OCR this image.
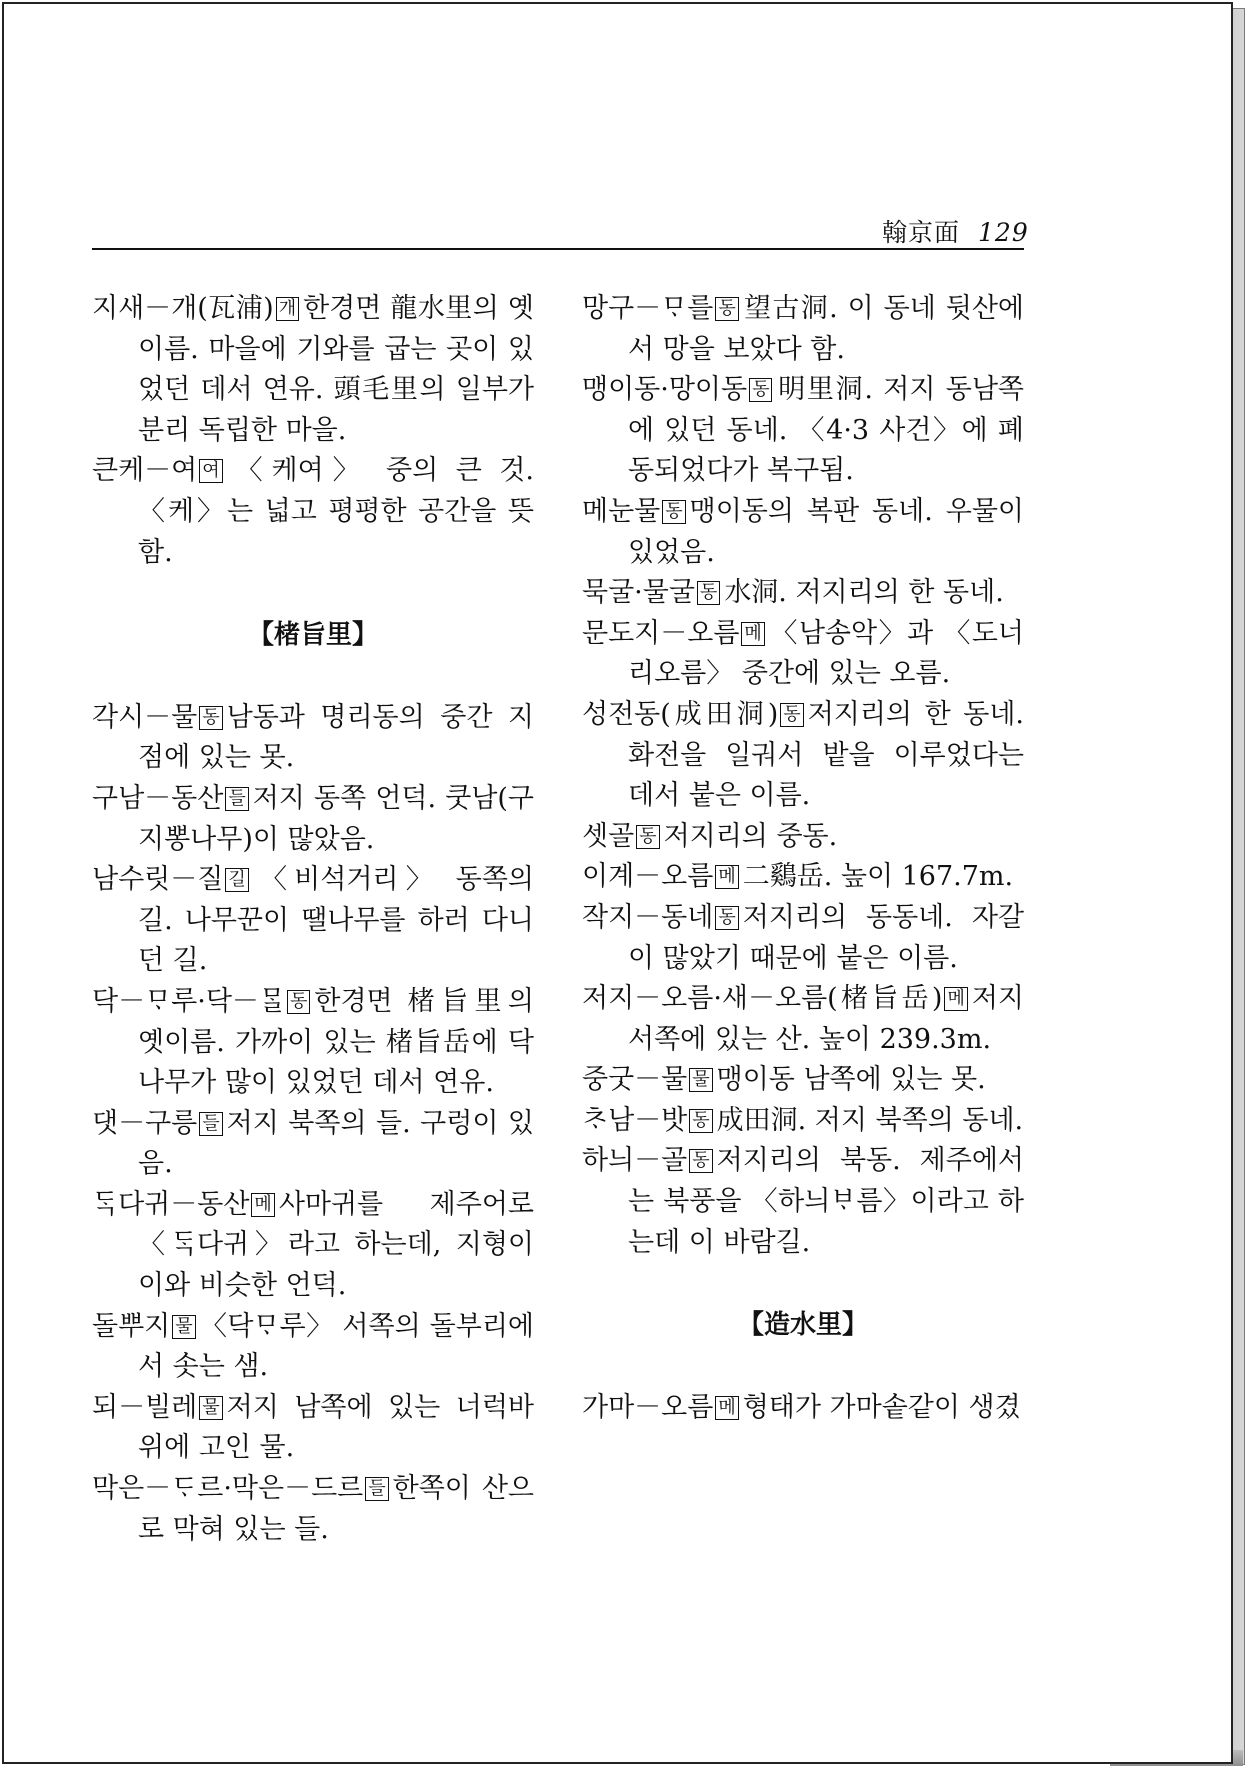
翰京面 129

지새－개(瓦浦) 개 한경면 龍水里의 옛이름. 마을에 기와를 굽는 곳이 있었던 데서 연유. 頭毛里의 일부가 분리 독립한 마을.

큰케－여 여 〈케여〉 중의 큰 것. 〈케〉는 넓고 평평한 공간을 뜻함.

【楮旨里】

각시－물 동 남동과 명리동의 중간 지점에 있는 못.

구남－동산 들 저지 동쪽 언덕. 쿳남(구지뽕나무)이 많았음.

남수릿－질 길 〈비석거리〉 동쪽의 길. 나무꾼이 땔나무를 하러 다니던 길.

닥－ᄆᆞ루·닥－ᄆᆞᆯ 동 한경면 楮旨里의 옛이름. 가까이 있는 楮旨岳에 닥나무가 많이 있었던 데서 연유.

댓－구릉 들 저지 북쪽의 들. 구렁이 있음.

ᄃᆞᆨ다귀－동산 메 사마귀를 제주어로 〈ᄃᆞᆨ다귀〉라고 하는데, 지형이 이와 비슷한 언덕.

돌뿌지 물 〈닥ᄆᆞ루〉 서쪽의 돌부리에서 솟는 샘.

되－빌레 물 저지 남쪽에 있는 너럭바위에 고인 물.

막은－ᄃᆞ르·막은－드르 들 한쪽이 산으로 막혀 있는 들.

망구－ᄆᆞ를 동 望古洞. 이 동네 뒷산에서 망을 보았다 함.

맹이동·망이동 동 明里洞. 저지 동남쪽에 있던 동네. 〈4·3 사건〉에 폐동되었다가 복구됨.

메눈물 동 맹이동의 복판 동네. 우물이 있었음.

묵굴·물굴 동 水洞. 저지리의 한 동네.

문도지－오름 메 〈남송악〉과 〈도너리오름〉 중간에 있는 오름.

성전동(成田洞) 동 저지리의 한 동네. 화전을 일궈서 밭을 이루었다는 데서 붙은 이름.

셋골 동 저지리의 중동.

이계－오름 메 二鷄岳. 높이 167.7m.

작지－동네 동 저지리의 동동네. 자갈이 많았기 때문에 붙은 이름.

저지－오름·새－오름(楮旨岳) 메 저지 서쪽에 있는 산. 높이 239.3m.

중굿－물 물 맹이동 남쪽에 있는 못.

ᄎᆞ남－밧 동 成田洞. 저지 북쪽의 동네.

하늬－골 동 저지리의 북동. 제주에서는 북풍을 〈하늬ᄇᆞ름〉이라고 하는데 이 바람길.

【造水里】

가마－오름 메 형태가 가마솥같이 생겼
